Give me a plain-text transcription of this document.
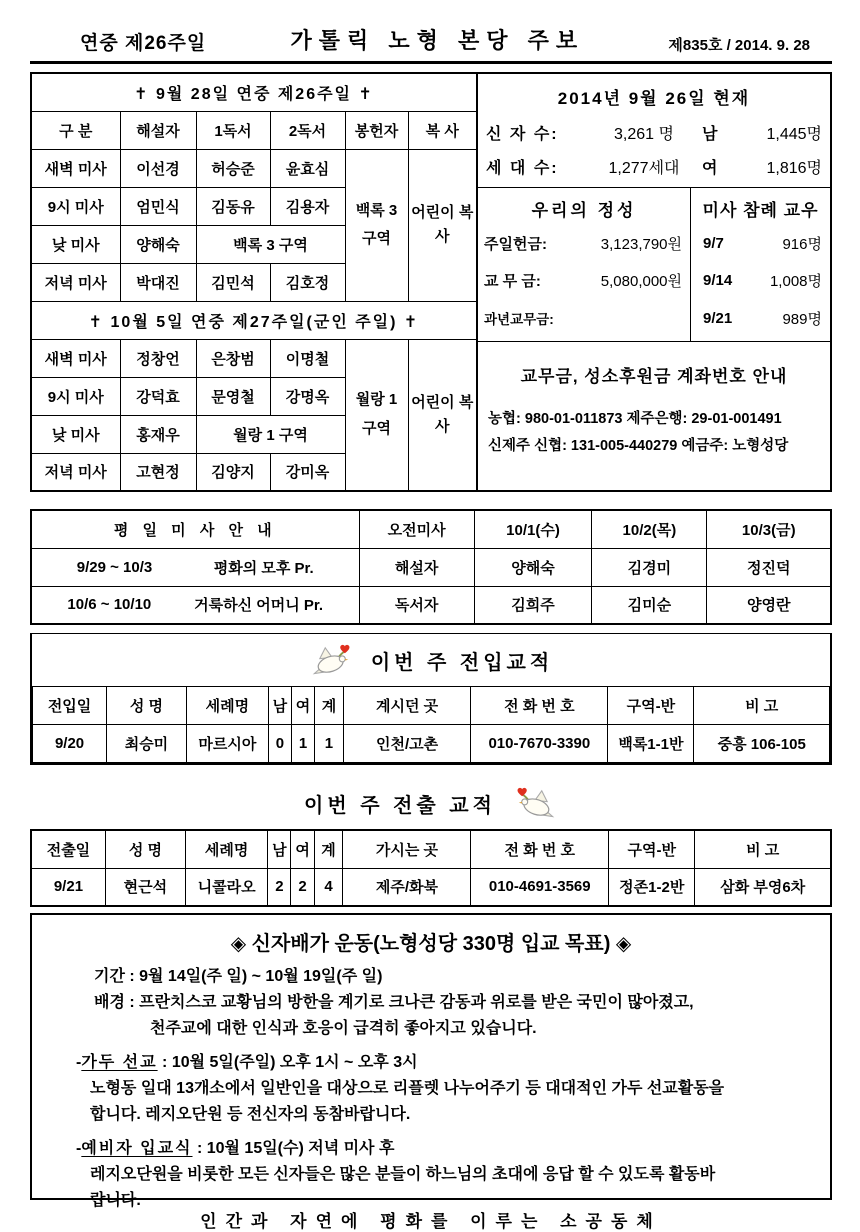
연중 제26주일	가톨릭 노형 본당 주보	제835호 / 2014. 9. 28
✝ 9월 28일 연중 제26주일 ✝					
구 분	해설자	1독서	2독서	봉헌자	복 사
새벽 미사	이선경	허승준	윤효심	백록 3 구역	어린이 복사
9시 미사	엄민식	김동유	김용자		
낮 미사	양해숙	백록 3 구역			
저녁 미사	박대진	김민석	김호정		
✝ 10월 5일 연중 제27주일(군인 주일) ✝					
새벽 미사	정창언	은창범	이명철	월랑 1 구역	어린이 복사
9시 미사	강덕효	문영철	강명옥		
낮 미사	홍재우	월랑 1 구역			
저녁 미사	고현정	김양지	강미옥		
2014년 9월 26일 현재
신 자 수:	3,261 명	남	1,445명
세 대 수:	1,277세대	여	1,816명
우리의 정성
주일헌금:	3,123,790원
교 무 금:	5,080,000원
과년교무금:
미사 참례 교우
9/7	916명
9/14	1,008명
9/21	989명
교무금, 성소후원금 계좌번호 안내
농협: 980-01-011873 제주은행: 29-01-001491
신제주 신협: 131-005-440279 예금주: 노형성당
평 일 미 사 안 내	오전미사	10/1(수)	10/2(목)	10/3(금)

9/29 ~ 10/3 평화의 모후 Pr.	해설자	양해숙	김경미	정진덕

10/6 ~ 10/10 거룩하신 어머니 Pr.	독서자	김희주	김미순	양영란
이번 주 전입교적
전입일	성 명	세례명	남	여	계	계시던 곳	전 화 번 호	구역-반	비 고
9/20	최승미	마르시아	0	1	1	인천/고촌	010-7670-3390	백록1-1반	중흥 106-105
이번 주 전출 교적
전출일	성 명	세례명	남	여	계	가시는 곳	전 화 번 호	구역-반	비 고
9/21	현근석	니콜라오	2	2	4	제주/화북	010-4691-3569	정존1-2반	삼화 부영6차
◈ 신자배가 운동(노형성당 330명 입교 목표) ◈
기간 : 9월 14일(주 일) ~ 10월 19일(주 일)
배경 : 프란치스코 교황님의 방한을 계기로 크나큰 감동과 위로를 받은 국민이 많아졌고,
천주교에 대한 인식과 호응이 급격히 좋아지고 있습니다.
-가두 선교 : 10월 5일(주일) 오후 1시 ~ 오후 3시
노형동 일대 13개소에서 일반인을 대상으로 리플렛 나누어주기 등 대대적인 가두 선교활동을
합니다. 레지오단원 등 전신자의 동참바랍니다.
-예비자 입교식 : 10월 15일(수) 저녁 미사 후
레지오단원을 비롯한 모든 신자들은 많은 분들이 하느님의 초대에 응답 할 수 있도록 활동바
랍니다.
인간과 자연에 평화를 이루는 소공동체
